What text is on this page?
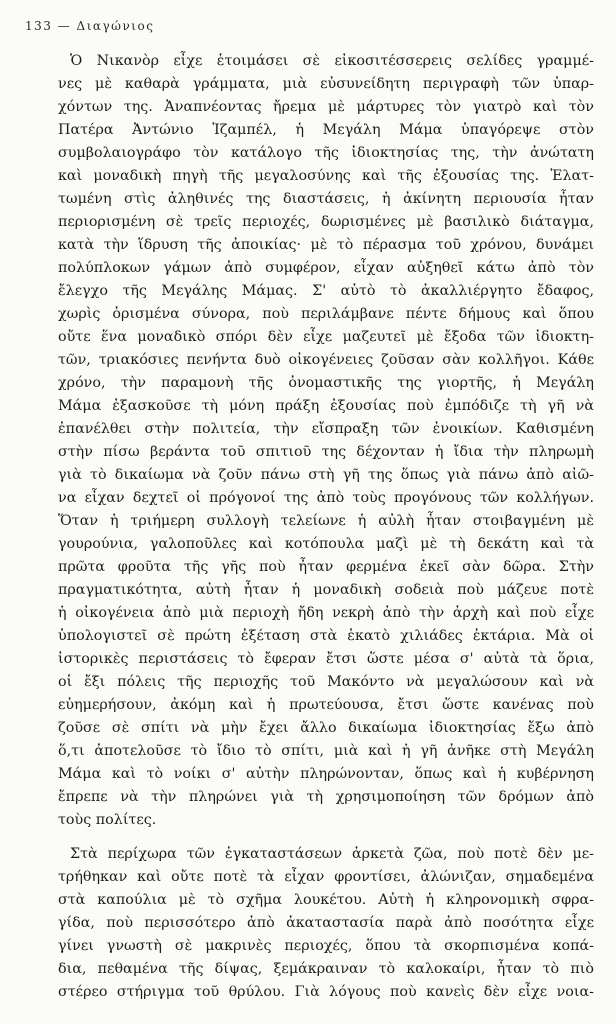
133 — Διαγώνιος

Ὁ Νικανὸρ εἶχε ἑτοιμάσει σὲ εἰκοσιτέσσερεις σελίδες γραμμέ-
νες μὲ καθαρὰ γράμματα, μιὰ εὐσυνείδητη περιγραφὴ τῶν ὑπαρ-
χόντων της. Ἀναπνέοντας ἤρεμα μὲ μάρτυρες τὸν γιατρὸ καὶ τὸν
Πατέρα Ἀντώνιο Ἰζαμπέλ, ἡ Μεγάλη Μάμα ὑπαγόρεψε στὸν
συμβολαιογράφο τὸν κατάλογο τῆς ἰδιοκτησίας της, τὴν ἀνώτατη
καὶ μοναδικὴ πηγὴ τῆς μεγαλοσύνης καὶ τῆς ἐξουσίας της. Ἐλατ-
τωμένη στὶς ἀληθινές της διαστάσεις, ἡ ἀκίνητη περιουσία ἦταν
περιορισμένη σὲ τρεῖς περιοχές, δωρισμένες μὲ βασιλικὸ διάταγμα,
κατὰ τὴν ἵδρυση τῆς ἀποικίας· μὲ τὸ πέρασμα τοῦ χρόνου, δυνάμει
πολύπλοκων γάμων ἀπὸ συμφέρον, εἶχαν αὐξηθεῖ κάτω ἀπὸ τὸν
ἔλεγχο τῆς Μεγάλης Μάμας. Σ' αὐτὸ τὸ ἀκαλλιέργητο ἔδαφος,
χωρὶς ὁρισμένα σύνορα, ποὺ περιλάμβανε πέντε δήμους καὶ ὅπου
οὔτε ἕνα μοναδικὸ σπόρι δὲν εἶχε μαζευτεῖ μὲ ἔξοδα τῶν ἰδιοκτη-
τῶν, τριακόσιες πενήντα δυὸ οἰκογένειες ζοῦσαν σὰν κολλῆγοι. Κάθε
χρόνο, τὴν παραμονὴ τῆς ὀνομαστικῆς της γιορτῆς, ἡ Μεγάλη
Μάμα ἐξασκοῦσε τὴ μόνη πράξη ἐξουσίας ποὺ ἐμπόδιζε τὴ γῆ νὰ
ἐπανέλθει στὴν πολιτεία, τὴν εἴσπραξη τῶν ἐνοικίων. Καθισμένη
στὴν πίσω βεράντα τοῦ σπιτιοῦ της δέχονταν ἡ ἴδια τὴν πληρωμὴ
γιὰ τὸ δικαίωμα νὰ ζοῦν πάνω στὴ γῆ της ὅπως γιὰ πάνω ἀπὸ αἰῶ-
να εἶχαν δεχτεῖ οἱ πρόγονοί της ἀπὸ τοὺς προγόνους τῶν κολλήγων.
Ὅταν ἡ τριήμερη συλλογὴ τελείωνε ἡ αὐλὴ ἦταν στοιβαγμένη μὲ
γουρούνια, γαλοποῦλες καὶ κοτόπουλα μαζὶ μὲ τὴ δεκάτη καὶ τὰ
πρῶτα φροῦτα τῆς γῆς ποὺ ἦταν φερμένα ἐκεῖ σὰν δῶρα. Στὴν
πραγματικότητα, αὐτὴ ἦταν ἡ μοναδικὴ σοδειὰ ποὺ μάζευε ποτὲ
ἡ οἰκογένεια ἀπὸ μιὰ περιοχὴ ἤδη νεκρὴ ἀπὸ τὴν ἀρχὴ καὶ ποὺ εἶχε
ὑπολογιστεῖ σὲ πρώτη ἐξέταση στὰ ἑκατὸ χιλιάδες ἑκτάρια. Μὰ οἱ
ἱστορικὲς περιστάσεις τὸ ἔφεραν ἔτσι ὥστε μέσα σ' αὐτὰ τὰ ὅρια,
οἱ ἔξι πόλεις τῆς περιοχῆς τοῦ Μακόντο νὰ μεγαλώσουν καὶ νὰ
εὐημερήσουν, ἀκόμη καὶ ἡ πρωτεύουσα, ἔτσι ὥστε κανένας ποὺ
ζοῦσε σὲ σπίτι νὰ μὴν ἔχει ἄλλο δικαίωμα ἰδιοκτησίας ἔξω ἀπὸ
ὅ,τι ἀποτελοῦσε τὸ ἴδιο τὸ σπίτι, μιὰ καὶ ἡ γῆ ἀνῆκε στὴ Μεγάλη
Μάμα καὶ τὸ νοίκι σ' αὐτὴν πληρώνονταν, ὅπως καὶ ἡ κυβέρνηση
ἔπρεπε νὰ τὴν πληρώνει γιὰ τὴ χρησιμοποίηση τῶν δρόμων ἀπὸ
τοὺς πολίτες.

Στὰ περίχωρα τῶν ἐγκαταστάσεων ἀρκετὰ ζῶα, ποὺ ποτὲ δὲν με-
τρήθηκαν καὶ οὔτε ποτὲ τὰ εἶχαν φροντίσει, ἀλώνιζαν, σημαδεμένα
στὰ καπούλια μὲ τὸ σχῆμα λουκέτου. Αὐτὴ ἡ κληρονομικὴ σφρα-
γίδα, ποὺ περισσότερο ἀπὸ ἀκαταστασία παρὰ ἀπὸ ποσότητα εἶχε
γίνει γνωστὴ σὲ μακρινὲς περιοχές, ὅπου τὰ σκορπισμένα κοπά-
δια, πεθαμένα τῆς δίψας, ξεμάκραιναν τὸ καλοκαίρι, ἦταν τὸ πιὸ
στέρεο στήριγμα τοῦ θρύλου. Γιὰ λόγους ποὺ κανεὶς δὲν εἶχε νοια-
